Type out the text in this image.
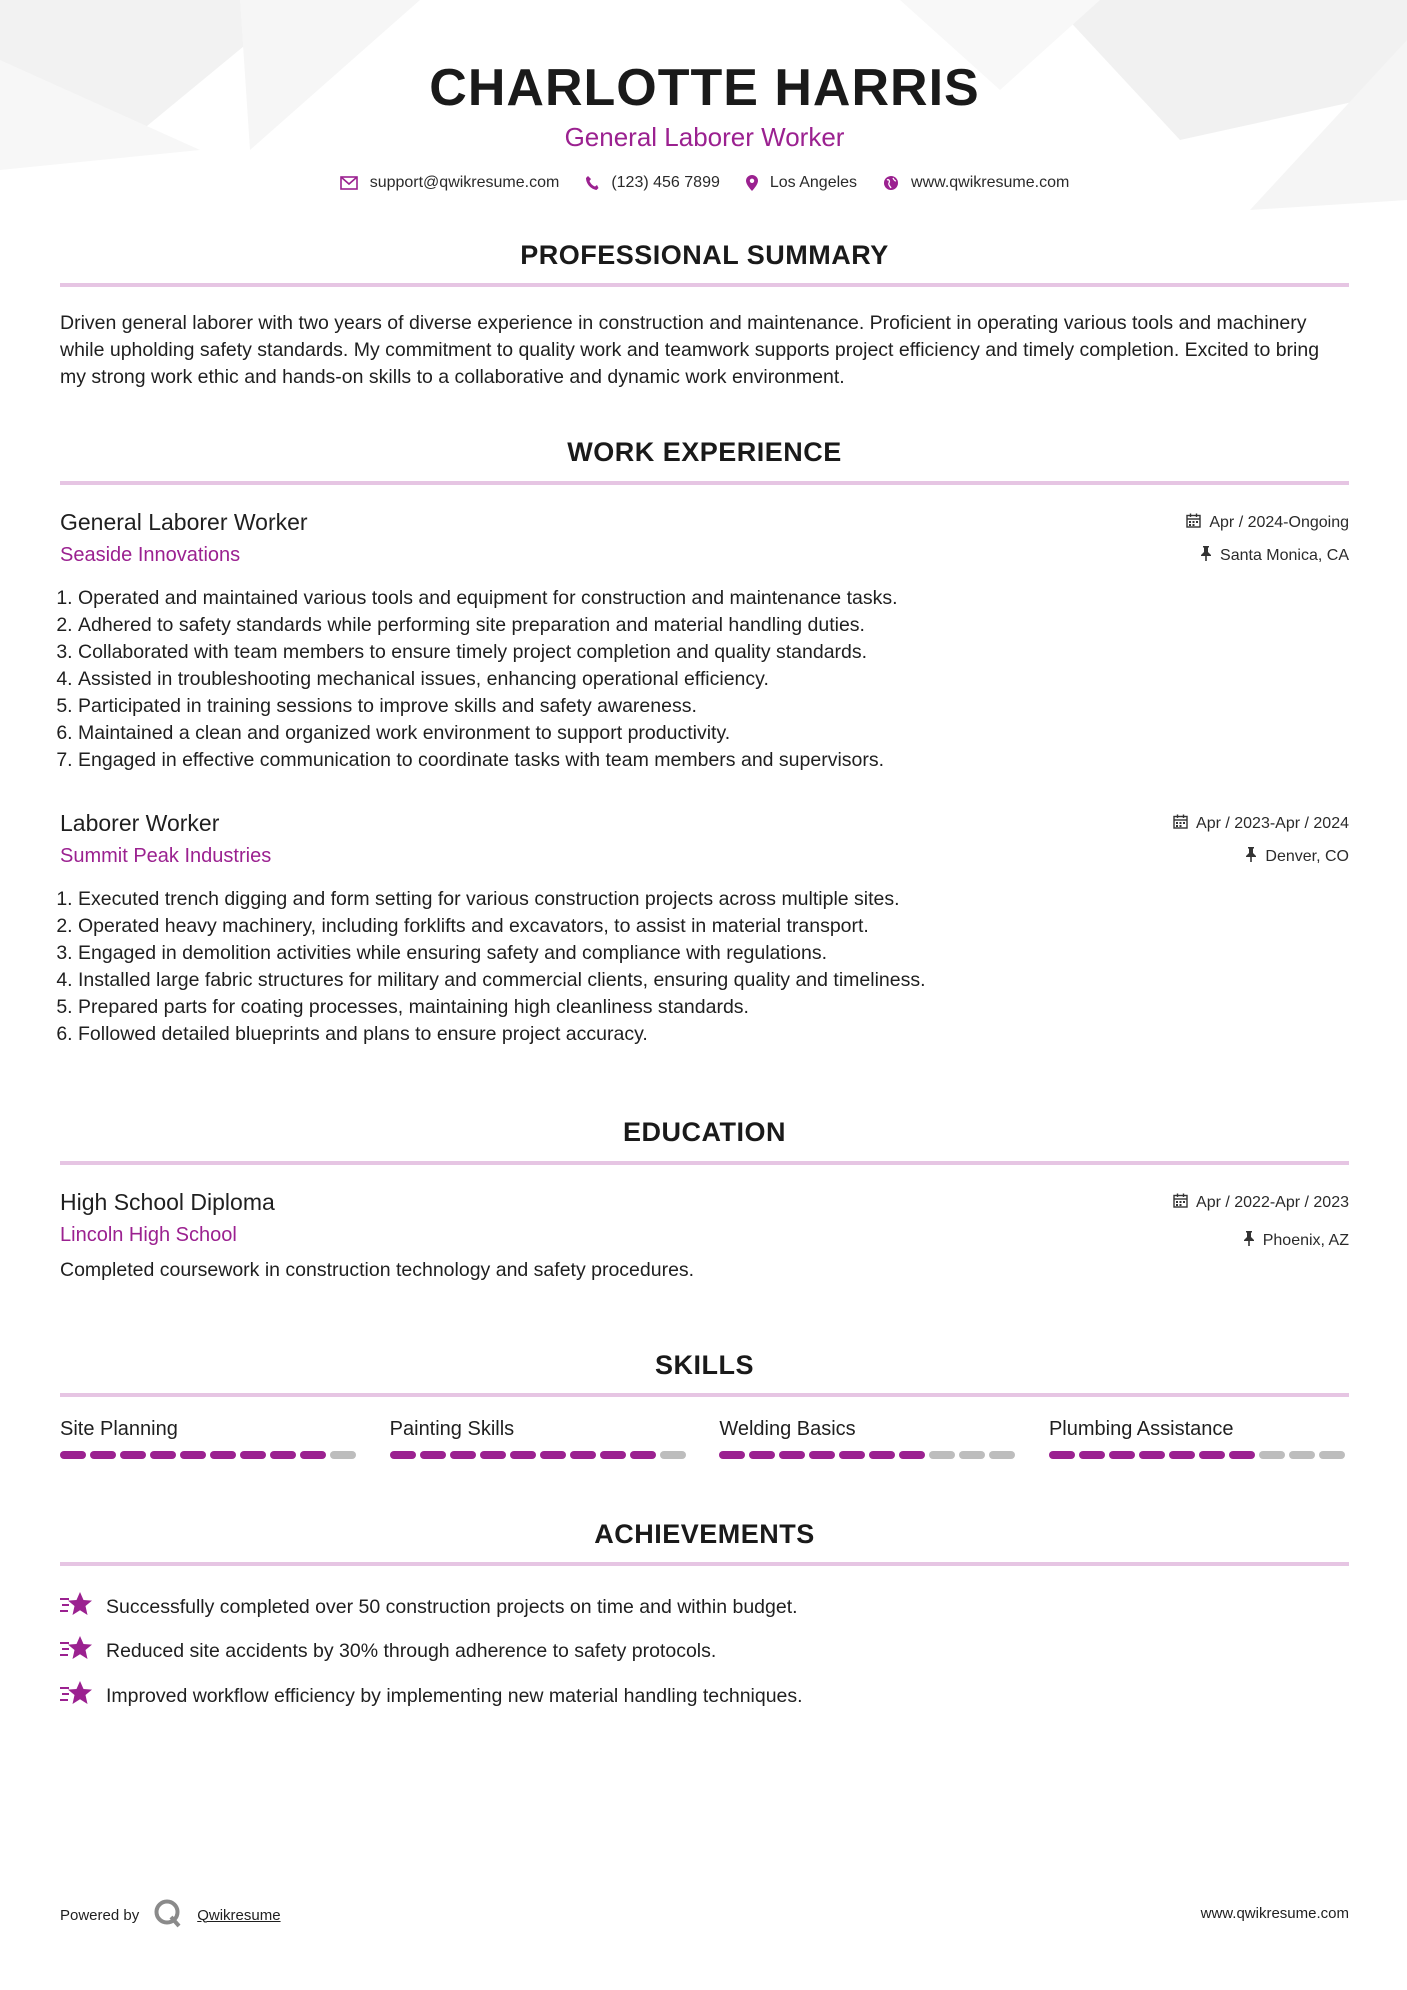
CHARLOTTE HARRIS
General Laborer Worker
support@qwikresume.com	(123) 456 7899	Los Angeles	www.qwikresume.com
PROFESSIONAL SUMMARY
Driven general laborer with two years of diverse experience in construction and maintenance. Proficient in operating various tools and machinery while upholding safety standards. My commitment to quality work and teamwork supports project efficiency and timely completion. Excited to bring my strong work ethic and hands-on skills to a collaborative and dynamic work environment.
WORK EXPERIENCE
General Laborer Worker
Seaside Innovations
Apr / 2024-Ongoing
Santa Monica, CA
1. Operated and maintained various tools and equipment for construction and maintenance tasks.
2. Adhered to safety standards while performing site preparation and material handling duties.
3. Collaborated with team members to ensure timely project completion and quality standards.
4. Assisted in troubleshooting mechanical issues, enhancing operational efficiency.
5. Participated in training sessions to improve skills and safety awareness.
6. Maintained a clean and organized work environment to support productivity.
7. Engaged in effective communication to coordinate tasks with team members and supervisors.
Laborer Worker
Summit Peak Industries
Apr / 2023-Apr / 2024
Denver, CO
1. Executed trench digging and form setting for various construction projects across multiple sites.
2. Operated heavy machinery, including forklifts and excavators, to assist in material transport.
3. Engaged in demolition activities while ensuring safety and compliance with regulations.
4. Installed large fabric structures for military and commercial clients, ensuring quality and timeliness.
5. Prepared parts for coating processes, maintaining high cleanliness standards.
6. Followed detailed blueprints and plans to ensure project accuracy.
EDUCATION
High School Diploma
Lincoln High School
Apr / 2022-Apr / 2023
Phoenix, AZ
Completed coursework in construction technology and safety procedures.
SKILLS
Site Planning	Painting Skills	Welding Basics	Plumbing Assistance
ACHIEVEMENTS
Successfully completed over 50 construction projects on time and within budget.
Reduced site accidents by 30% through adherence to safety protocols.
Improved workflow efficiency by implementing new material handling techniques.
Powered by	Qwikresume	www.qwikresume.com
